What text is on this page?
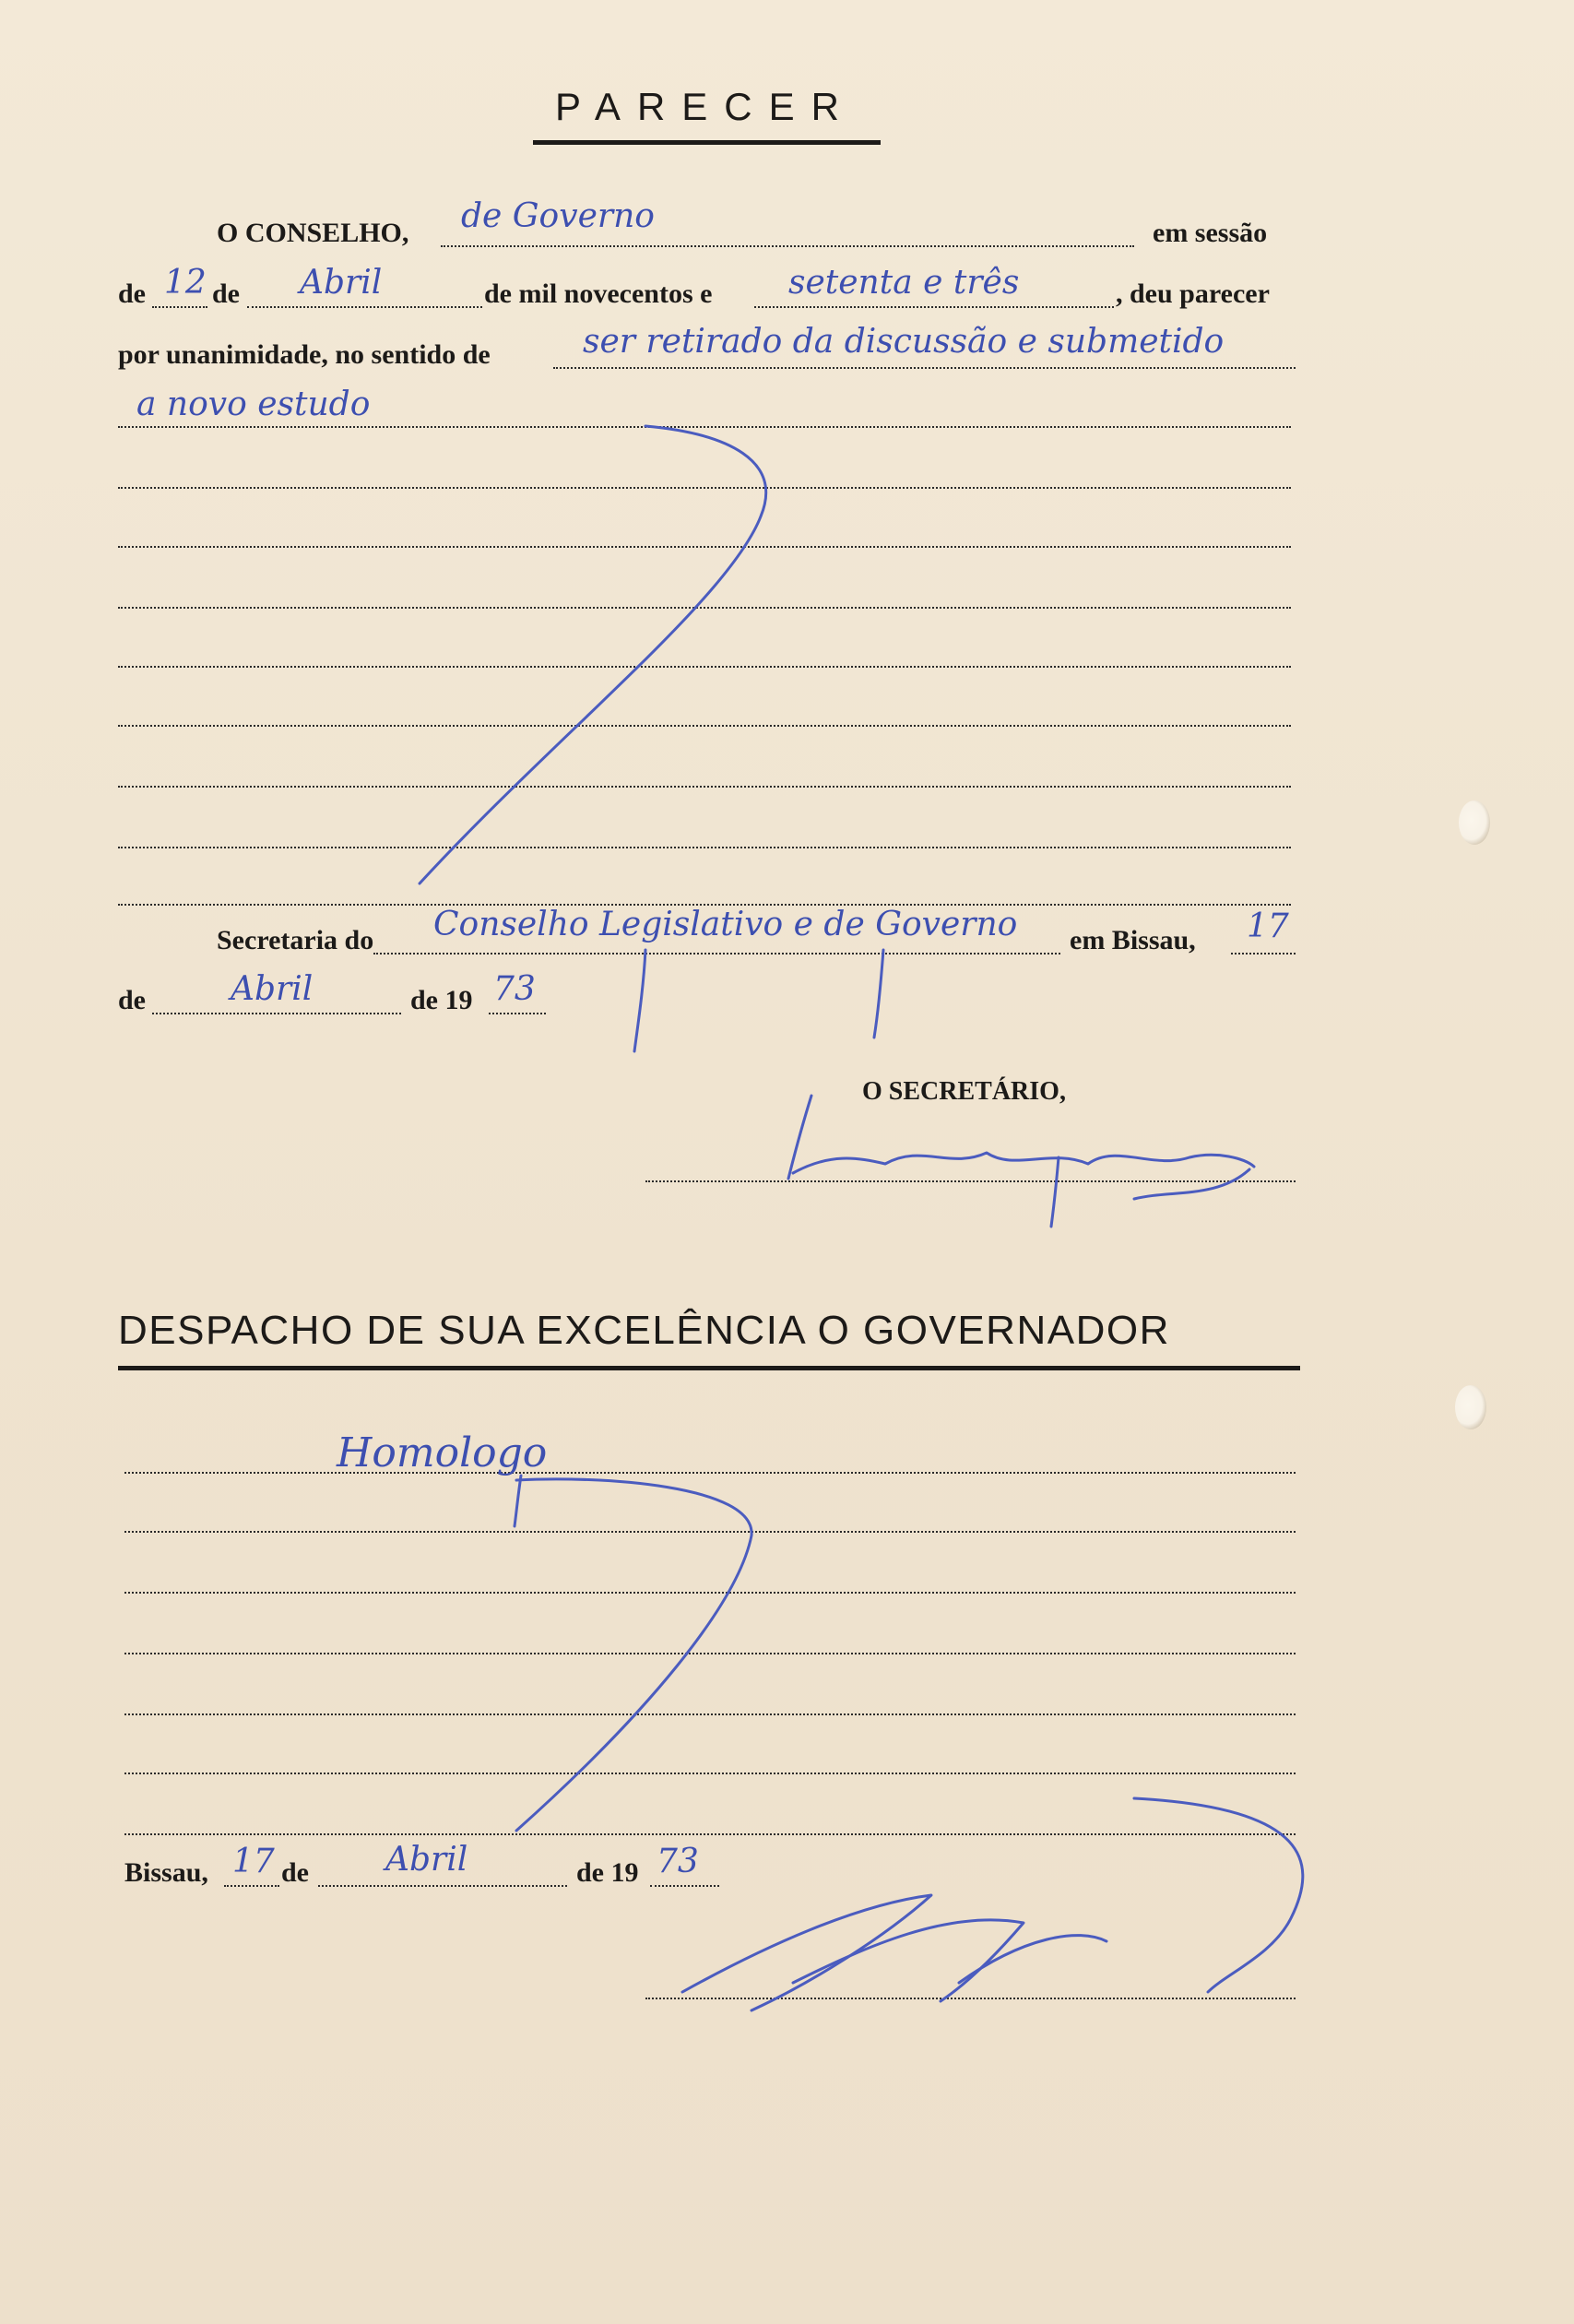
PARECER
O CONSELHO, de Governo	em sessão
de 12 de Abril	de mil novecentos e setenta e três	, deu parecer
por unanimidade, no sentido de	ser retirado da discussão e submetido
a novo estudo
Secretaria do Conselho Legislativo e de Governo em Bissau, 17
de	Abril	de 19 73
O SECRETÁRIO,
DESPACHO DE SUA EXCELÊNCIA O GOVERNADOR
Homologo
Bissau, 17 de Abril	de 19 73
